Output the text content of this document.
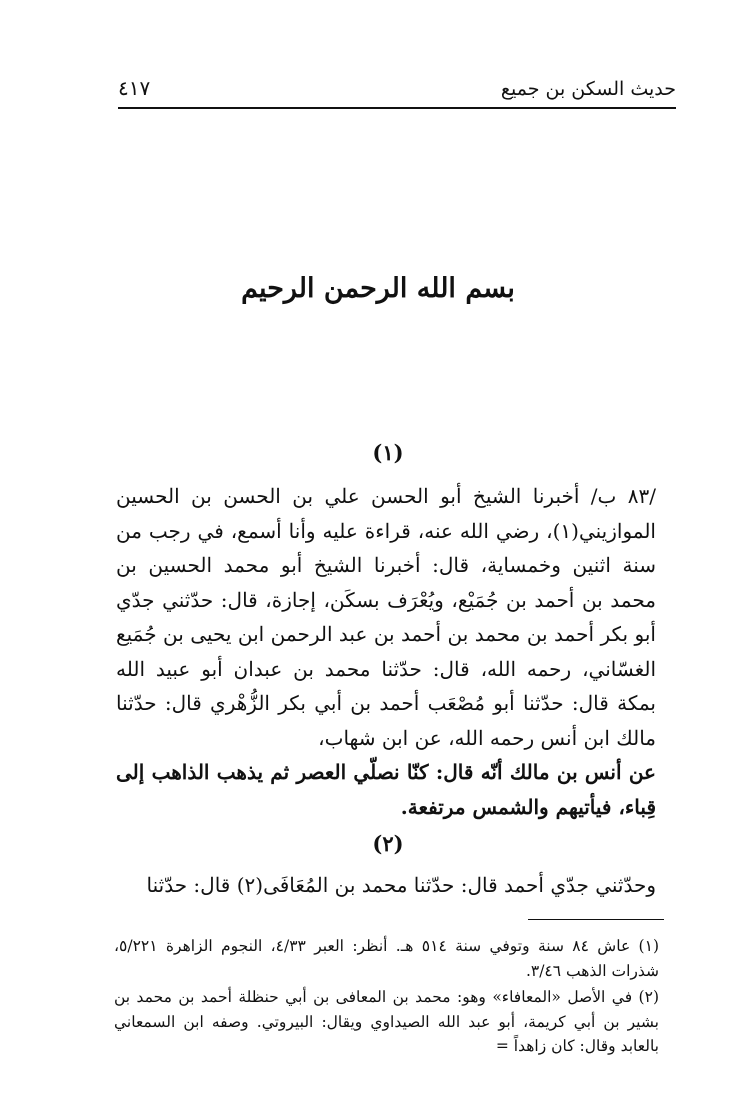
حديث السكن بن جميع
٤١٧
بسم الله الرحمن الرحيم
(١)

/٨٣ ب/ أخبرنا الشيخ أبو الحسن علي بن الحسن بن الحسين الموازيني(١)، رضي الله عنه، قراءة عليه وأنا أسمع، في رجب من سنة اثنين وخمساية، قال: أخبرنا الشيخ أبو محمد الحسين بن محمد بن أحمد بن جُمَيْع، ويُعْرَف بسكَن، إجازة، قال: حدّثني جدّي أبو بكر أحمد بن محمد بن أحمد بن عبد الرحمن ابن يحيى بن جُمَيع الغسّاني، رحمه الله، قال: حدّثنا محمد بن عبدان أبو عبيد الله بمكة قال: حدّثنا أبو مُصْعَب أحمد بن أبي بكر الزُّهْري قال: حدّثنا مالك ابن أنس رحمه الله، عن ابن شهاب،

عن أنس بن مالك أنّه قال: كنّا نصلّي العصر ثم يذهب الذاهب إلى قِباء، فيأتيهم والشمس مرتفعة.

(٢)

وحدّثني جدّي أحمد قال: حدّثنا محمد بن المُعَافَى(٢) قال: حدّثنا

(١) عاش ٨٤ سنة وتوفي سنة ٥١٤ هـ. أنظر: العبر ٤/٣٣، النجوم الزاهرة ٥/٢٢١، شذرات الذهب ٣/٤٦.

(٢) في الأصل «المعافاء» وهو: محمد بن المعافى بن أبي حنظلة أحمد بن محمد بن بشير بن أبي كريمة، أبو عبد الله الصيداوي ويقال: البيروتي. وصفه ابن السمعاني بالعابد وقال: كان زاهداً =
